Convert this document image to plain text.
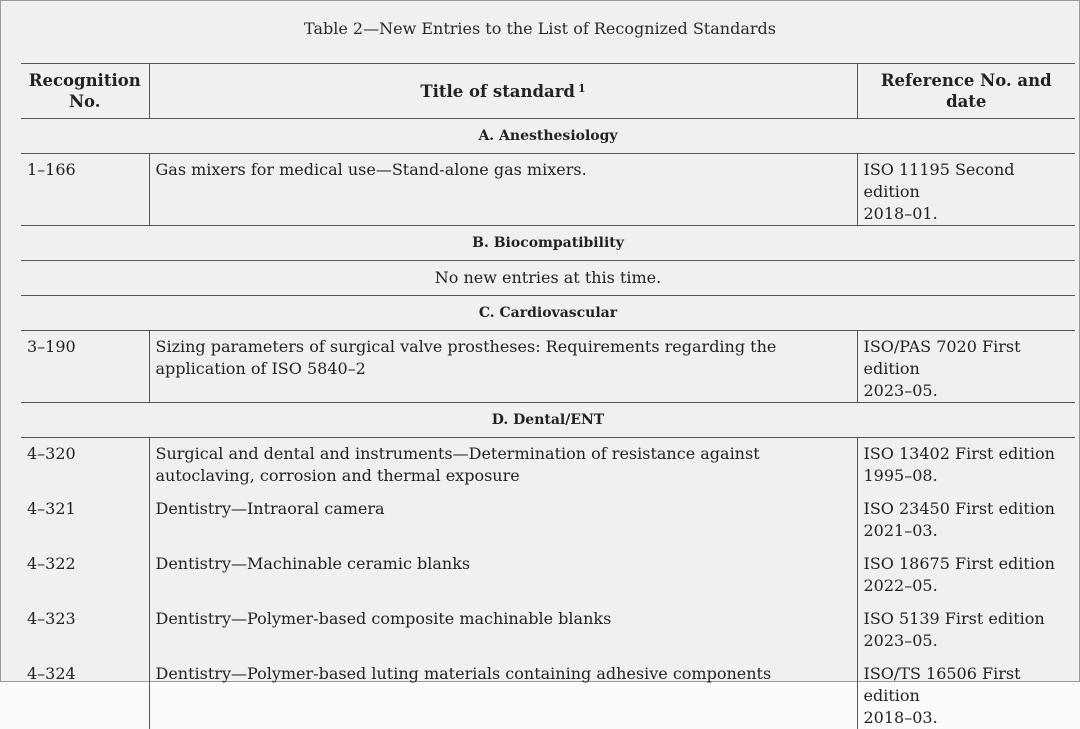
Table 2—New Entries to the List of Recognized Standards
Recognition
No.	Title of standard $^1$	Reference No. and date
A. Anesthesiology		
1–166	Gas mixers for medical use—Stand-alone gas mixers.	ISO 11195 Second edition
2018–01.
B. Biocompatibility		
No new entries at this time.		
C. Cardiovascular		
3–190	Sizing parameters of surgical valve prostheses: Requirements regarding the application of ISO 5840–2	ISO/PAS 7020 First edition
2023–05.
D. Dental/ENT		
4–320	Surgical and dental and instruments—Determination of resistance against autoclaving, corrosion and thermal exposure	ISO 13402 First edition
1995–08.
4–321	Dentistry—Intraoral camera	ISO 23450 First edition
2021–03.
4–322	Dentistry—Machinable ceramic blanks	ISO 18675 First edition
2022–05.
4–323	Dentistry—Polymer-based composite machinable blanks	ISO 5139 First edition
2023–05.
4–324	Dentistry—Polymer-based luting materials containing adhesive components	ISO/TS 16506 First edition
2018–03.
